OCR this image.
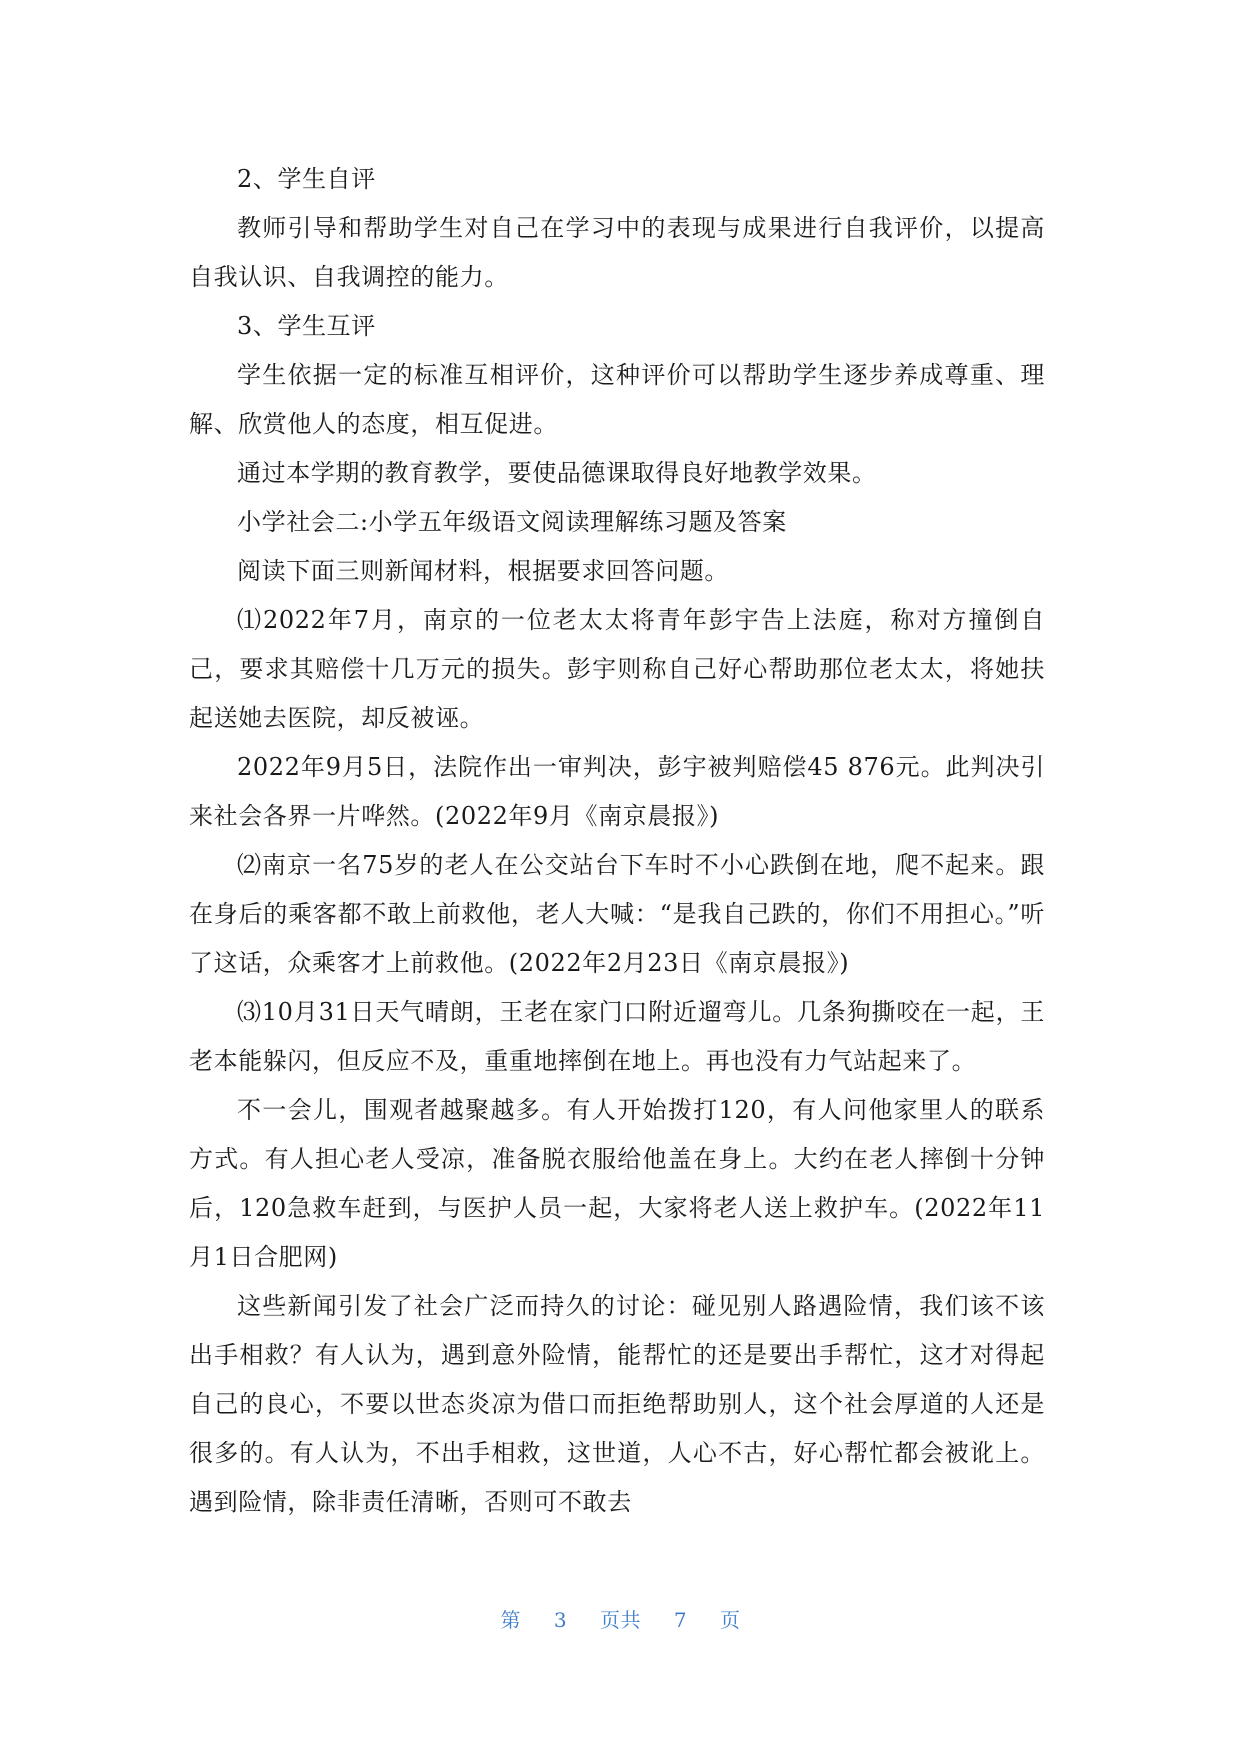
2、学生自评

教师引导和帮助学生对自己在学习中的表现与成果进行自我评价，以提高自我认识、自我调控的能力。

3、学生互评

学生依据一定的标准互相评价，这种评价可以帮助学生逐步养成尊重、理解、欣赏他人的态度，相互促进。

通过本学期的教育教学，要使品德课取得良好地教学效果。

小学社会二:小学五年级语文阅读理解练习题及答案

阅读下面三则新闻材料，根据要求回答问题。

⑴2022年7月，南京的一位老太太将青年彭宇告上法庭，称对方撞倒自己，要求其赔偿十几万元的损失。彭宇则称自己好心帮助那位老太太，将她扶起送她去医院，却反被诬。

2022年9月5日，法院作出一审判决，彭宇被判赔偿45 876元。此判决引来社会各界一片哗然。(2022年9月《南京晨报》)

⑵南京一名75岁的老人在公交站台下车时不小心跌倒在地，爬不起来。跟在身后的乘客都不敢上前救他，老人大喊：“是我自己跌的，你们不用担心。”听了这话，众乘客才上前救他。(2022年2月23日《南京晨报》)

⑶10月31日天气晴朗，王老在家门口附近遛弯儿。几条狗撕咬在一起，王老本能躲闪，但反应不及，重重地摔倒在地上。再也没有力气站起来了。

不一会儿，围观者越聚越多。有人开始拨打120，有人问他家里人的联系方式。有人担心老人受凉，准备脱衣服给他盖在身上。大约在老人摔倒十分钟后，120急救车赶到，与医护人员一起，大家将老人送上救护车。(2022年11月1日合肥网)

这些新闻引发了社会广泛而持久的讨论：碰见别人路遇险情，我们该不该出手相救？有人认为，遇到意外险情，能帮忙的还是要出手帮忙，这才对得起自己的良心，不要以世态炎凉为借口而拒绝帮助别人，这个社会厚道的人还是很多的。有人认为，不出手相救，这世道，人心不古，好心帮忙都会被讹上。遇到险情，除非责任清晰，否则可不敢去

第 3 页共 7 页
